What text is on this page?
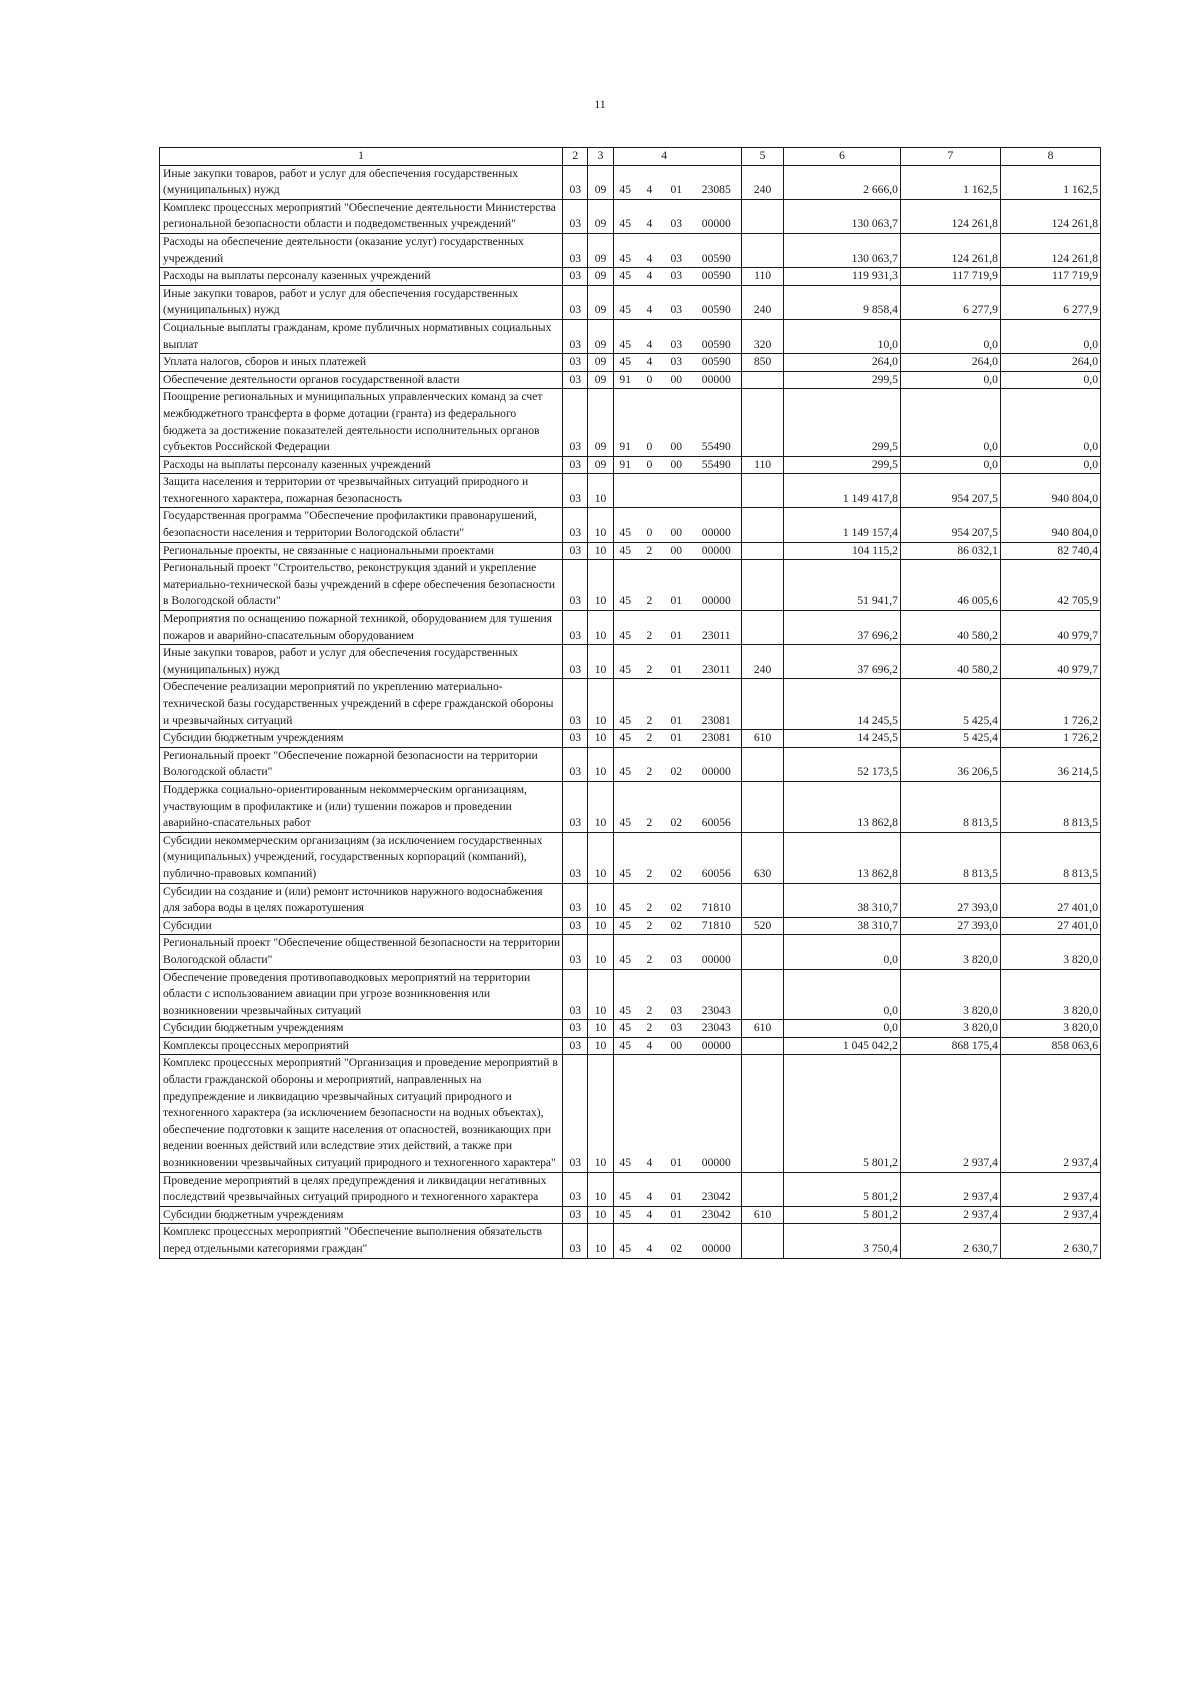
11
1	2	3		4			5	6	7	8
Иные закупки товаров, работ и услуг для обеспечения государственных (муниципальных) нужд	03	09	45	4	01	23085	240	2 666,0	1 162,5	1 162,5
Комплекс процессных мероприятий "Обеспечение деятельности Министерства региональной безопасности области и подведомственных учреждений"	03	09	45	4	03	00000		130 063,7	124 261,8	124 261,8
Расходы на обеспечение деятельности (оказание услуг) государственных учреждений	03	09	45	4	03	00590		130 063,7	124 261,8	124 261,8
Расходы на выплаты персоналу казенных учреждений	03	09	45	4	03	00590	110	119 931,3	117 719,9	117 719,9
Иные закупки товаров, работ и услуг для обеспечения государственных (муниципальных) нужд	03	09	45	4	03	00590	240	9 858,4	6 277,9	6 277,9
Социальные выплаты гражданам, кроме публичных нормативных социальных выплат	03	09	45	4	03	00590	320	10,0	0,0	0,0
Уплата налогов, сборов и иных платежей	03	09	45	4	03	00590	850	264,0	264,0	264,0
Обеспечение деятельности органов государственной власти	03	09	91	0	00	00000		299,5	0,0	0,0
Поощрение региональных и муниципальных управленческих команд за счет межбюджетного трансферта в форме дотации (гранта) из федерального бюджета за достижение показателей деятельности исполнительных органов субъектов Российской Федерации	03	09	91	0	00	55490		299,5	0,0	0,0
Расходы на выплаты персоналу казенных учреждений	03	09	91	0	00	55490	110	299,5	0,0	0,0
Защита населения и территории от чрезвычайных ситуаций природного и техногенного характера, пожарная безопасность	03	10						1 149 417,8	954 207,5	940 804,0
Государственная программа "Обеспечение профилактики правонарушений, безопасности населения и территории Вологодской области"	03	10	45	0	00	00000		1 149 157,4	954 207,5	940 804,0
Региональные проекты, не связанные с национальными проектами	03	10	45	2	00	00000		104 115,2	86 032,1	82 740,4
Региональный проект "Строительство, реконструкция зданий и укрепление материально-технической базы учреждений в сфере обеспечения безопасности в Вологодской области"	03	10	45	2	01	00000		51 941,7	46 005,6	42 705,9
Мероприятия по оснащению пожарной техникой, оборудованием для тушения пожаров и аварийно-спасательным оборудованием	03	10	45	2	01	23011		37 696,2	40 580,2	40 979,7
Иные закупки товаров, работ и услуг для обеспечения государственных (муниципальных) нужд	03	10	45	2	01	23011	240	37 696,2	40 580,2	40 979,7
Обеспечение реализации мероприятий по укреплению материально-технической базы государственных учреждений в сфере гражданской обороны и чрезвычайных ситуаций	03	10	45	2	01	23081		14 245,5	5 425,4	1 726,2
Субсидии бюджетным учреждениям	03	10	45	2	01	23081	610	14 245,5	5 425,4	1 726,2
Региональный проект "Обеспечение пожарной безопасности на территории Вологодской области"	03	10	45	2	02	00000		52 173,5	36 206,5	36 214,5
Поддержка социально-ориентированным некоммерческим организациям, участвующим в профилактике и (или) тушении пожаров и проведении аварийно-спасательных работ	03	10	45	2	02	60056		13 862,8	8 813,5	8 813,5
Субсидии некоммерческим организациям (за исключением государственных (муниципальных) учреждений, государственных корпораций (компаний), публично-правовых компаний)	03	10	45	2	02	60056	630	13 862,8	8 813,5	8 813,5
Субсидии на создание и (или) ремонт источников наружного водоснабжения для забора воды в целях пожаротушения	03	10	45	2	02	71810		38 310,7	27 393,0	27 401,0
Субсидии	03	10	45	2	02	71810	520	38 310,7	27 393,0	27 401,0
Региональный проект "Обеспечение общественной безопасности на территории Вологодской области"	03	10	45	2	03	00000		0,0	3 820,0	3 820,0
Обеспечение проведения противопаводковых мероприятий на территории области с использованием авиации при угрозе возникновения или возникновении чрезвычайных ситуаций	03	10	45	2	03	23043		0,0	3 820,0	3 820,0
Субсидии бюджетным учреждениям	03	10	45	2	03	23043	610	0,0	3 820,0	3 820,0
Комплексы процессных мероприятий	03	10	45	4	00	00000		1 045 042,2	868 175,4	858 063,6
Комплекс процессных мероприятий "Организация и проведение мероприятий в области гражданской обороны и мероприятий, направленных на предупреждение и ликвидацию чрезвычайных ситуаций природного и техногенного характера (за исключением безопасности на водных объектах), обеспечение подготовки к защите населения от опасностей, возникающих при ведении военных действий или вследствие этих действий, а также при возникновении чрезвычайных ситуаций природного и техногенного характера"	03	10	45	4	01	00000		5 801,2	2 937,4	2 937,4
Проведение мероприятий в целях предупреждения и ликвидации негативных последствий чрезвычайных ситуаций природного и техногенного характера	03	10	45	4	01	23042		5 801,2	2 937,4	2 937,4
Субсидии бюджетным учреждениям	03	10	45	4	01	23042	610	5 801,2	2 937,4	2 937,4
Комплекс процессных мероприятий "Обеспечение выполнения обязательств перед отдельными категориями граждан"	03	10	45	4	02	00000		3 750,4	2 630,7	2 630,7
